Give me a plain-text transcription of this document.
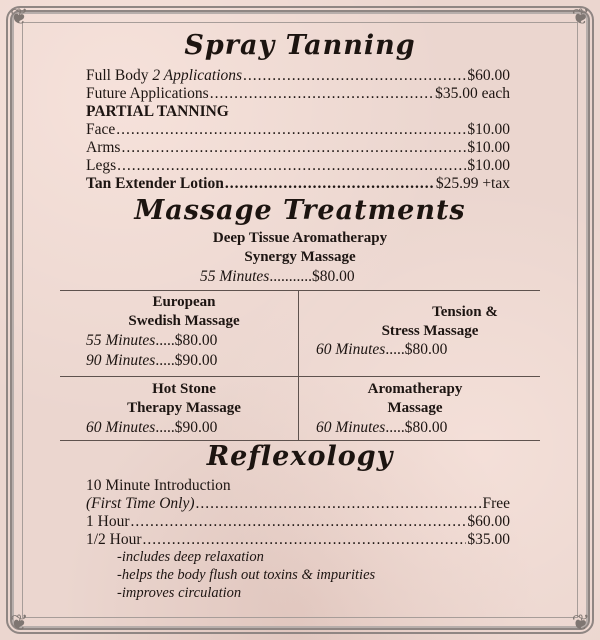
❦	❦
❦	❦
Spray Tanning
Full Body 2 Applications .....	$60.00
Future Applications .....	$35.00 each
PARTIAL TANNING
Face .....	$10.00
Arms .....	$10.00
Legs .....	$10.00
Tan Extender Lotion .....	$25.99 +tax
Massage Treatments
Deep Tissue Aromatherapy
Synergy Massage
55 Minutes...........$80.00
European
Swedish Massage
55 Minutes.....$80.00
90 Minutes.....$90.00
Tension &
Stress Massage
60 Minutes.....$80.00
Hot Stone
Therapy Massage
60 Minutes.....$90.00
Aromatherapy
Massage
60 Minutes.....$80.00
Reflexology
10 Minute Introduction
(First Time Only) .....	Free
1 Hour .....	$60.00
1/2 Hour .....	$35.00
-includes deep relaxation
-helps the body flush out toxins & impurities
-improves circulation
